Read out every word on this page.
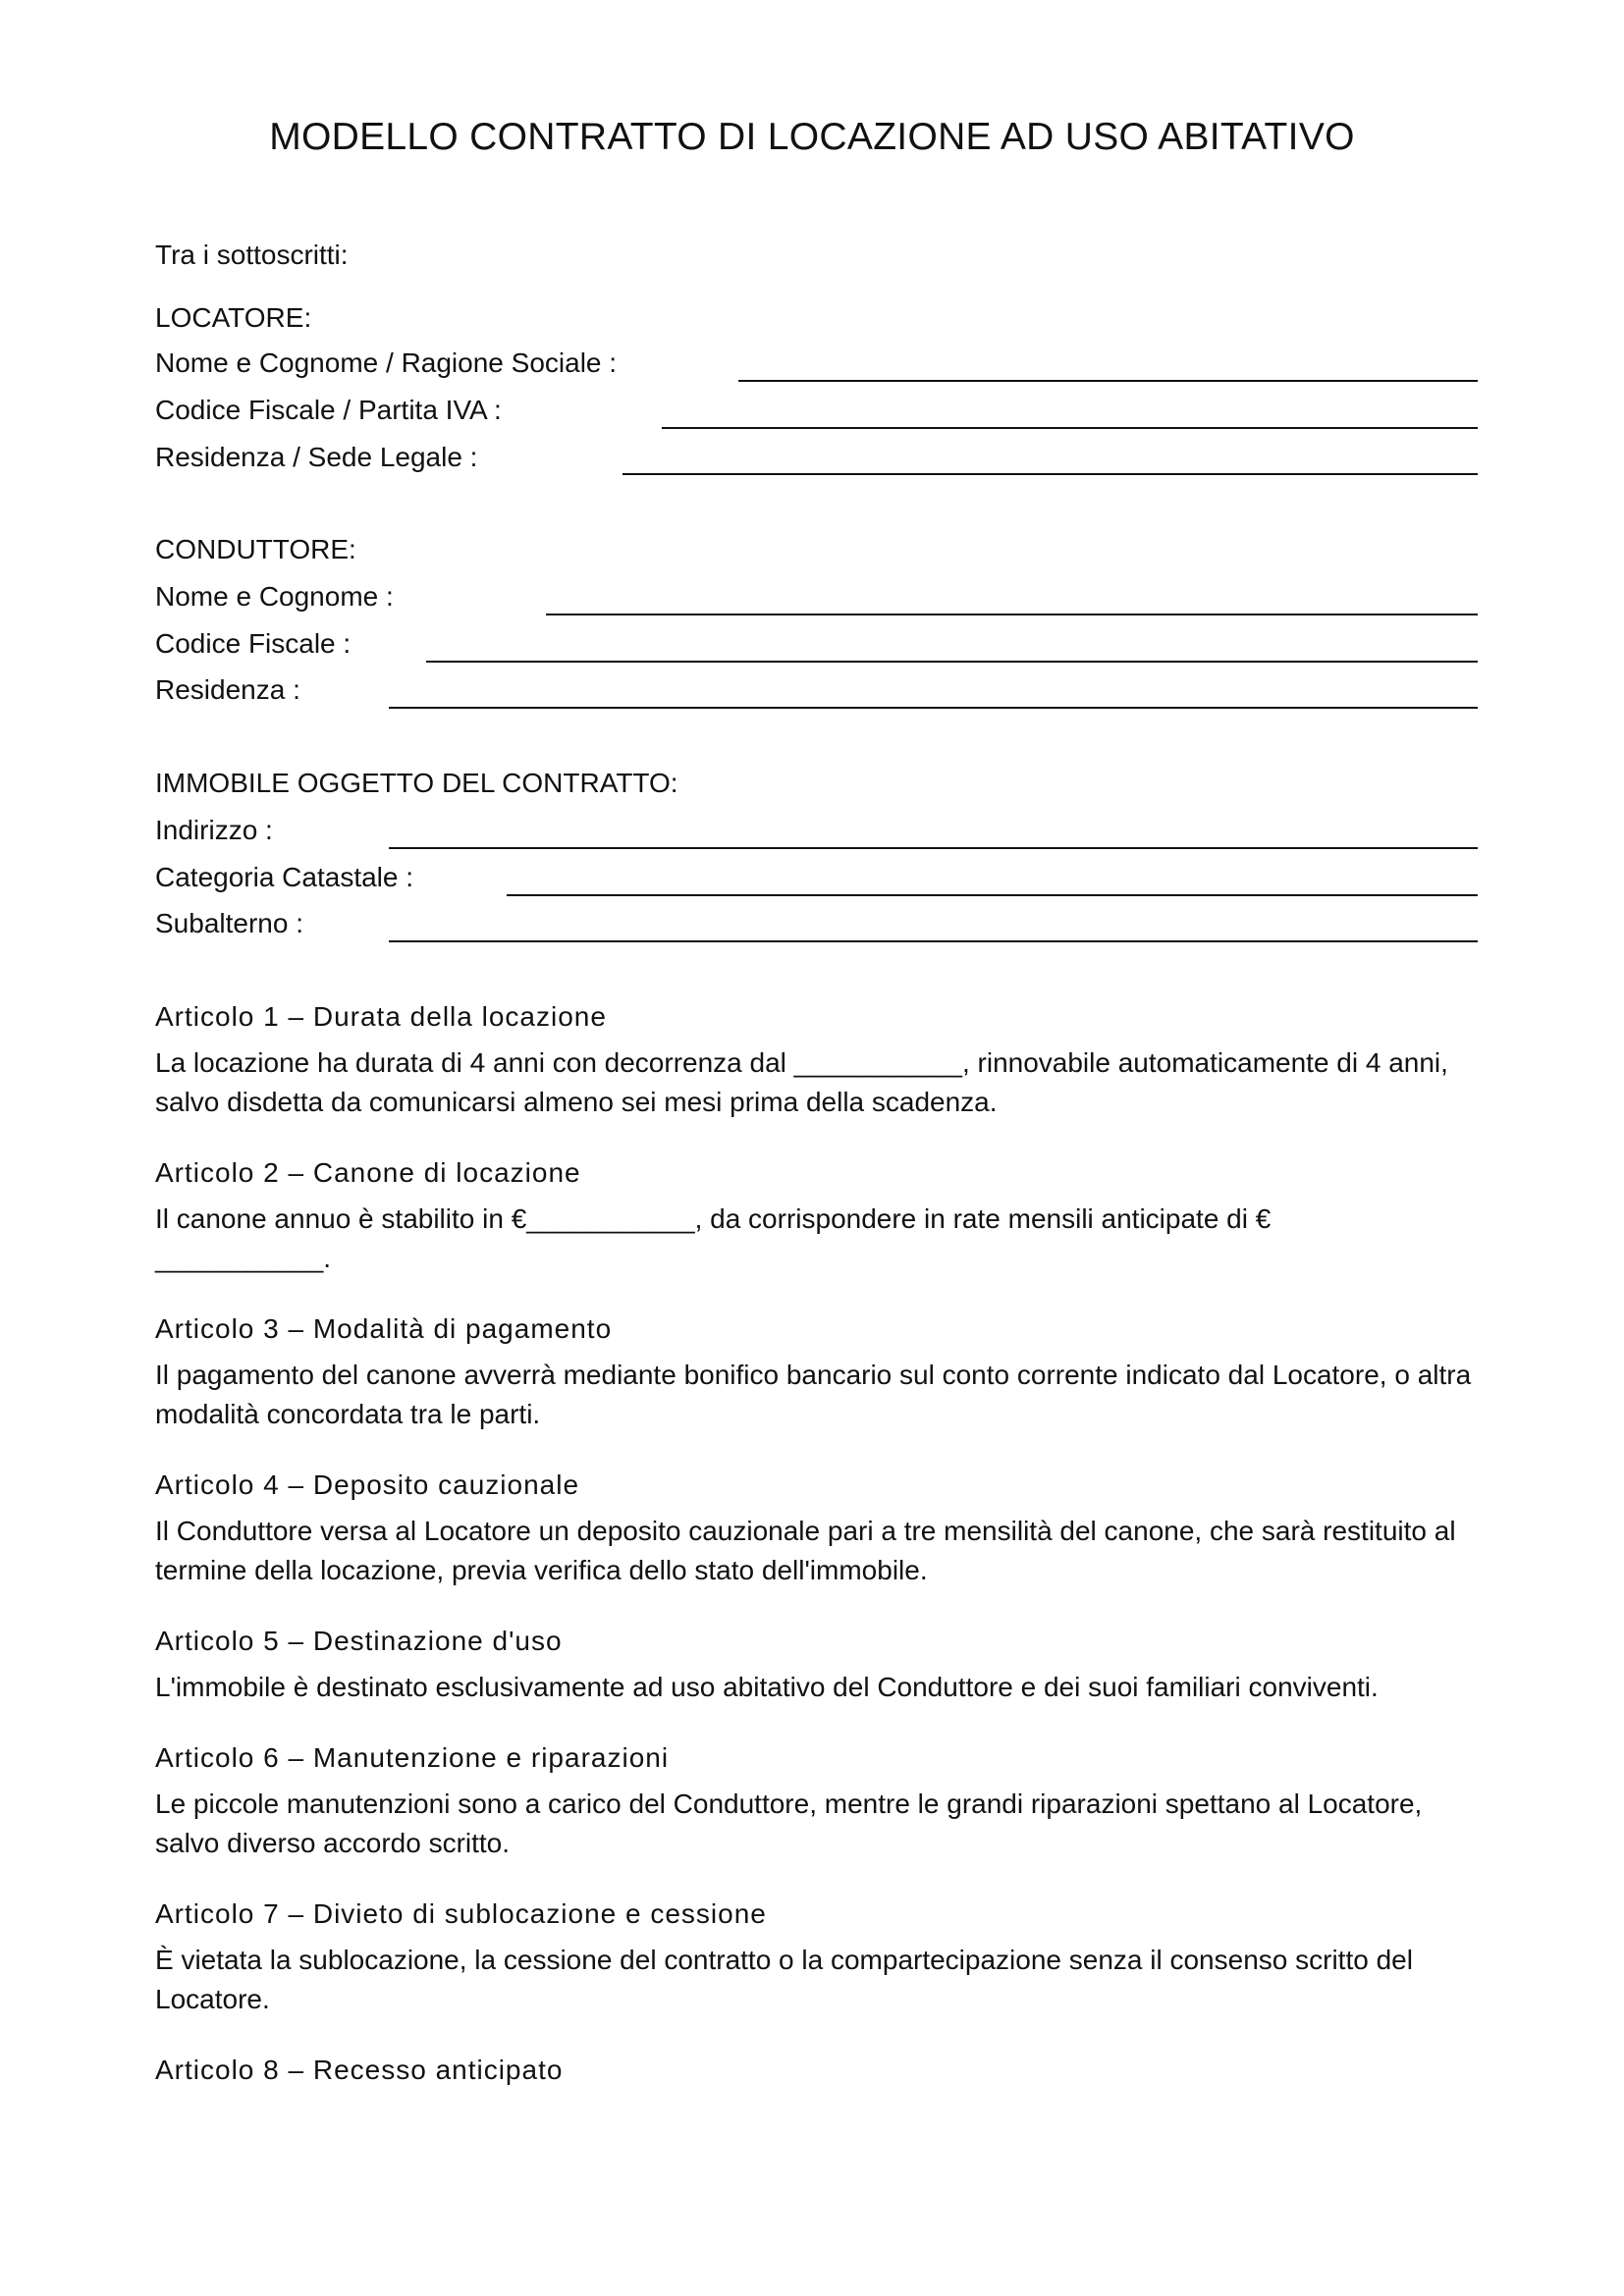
MODELLO CONTRATTO DI LOCAZIONE AD USO ABITATIVO
Tra i sottoscritti:
LOCATORE:
Nome e Cognome / Ragione Sociale :
Codice Fiscale / Partita IVA :
Residenza / Sede Legale :
CONDUTTORE:
Nome e Cognome :
Codice Fiscale :
Residenza :
IMMOBILE OGGETTO DEL CONTRATTO:
Indirizzo :
Categoria Catastale :
Subalterno :
Articolo 1 – Durata della locazione
La locazione ha durata di 4 anni con decorrenza dal ___________, rinnovabile automaticamente di 4 anni, salvo disdetta da comunicarsi almeno sei mesi prima della scadenza.
Articolo 2 – Canone di locazione
Il canone annuo è stabilito in €___________, da corrispondere in rate mensili anticipate di € ___________.
Articolo 3 – Modalità di pagamento
Il pagamento del canone avverrà mediante bonifico bancario sul conto corrente indicato dal Locatore, o altra modalità concordata tra le parti.
Articolo 4 – Deposito cauzionale
Il Conduttore versa al Locatore un deposito cauzionale pari a tre mensilità del canone, che sarà restituito al termine della locazione, previa verifica dello stato dell'immobile.
Articolo 5 – Destinazione d'uso
L'immobile è destinato esclusivamente ad uso abitativo del Conduttore e dei suoi familiari conviventi.
Articolo 6 – Manutenzione e riparazioni
Le piccole manutenzioni sono a carico del Conduttore, mentre le grandi riparazioni spettano al Locatore, salvo diverso accordo scritto.
Articolo 7 – Divieto di sublocazione e cessione
È vietata la sublocazione, la cessione del contratto o la compartecipazione senza il consenso scritto del Locatore.
Articolo 8 – Recesso anticipato
